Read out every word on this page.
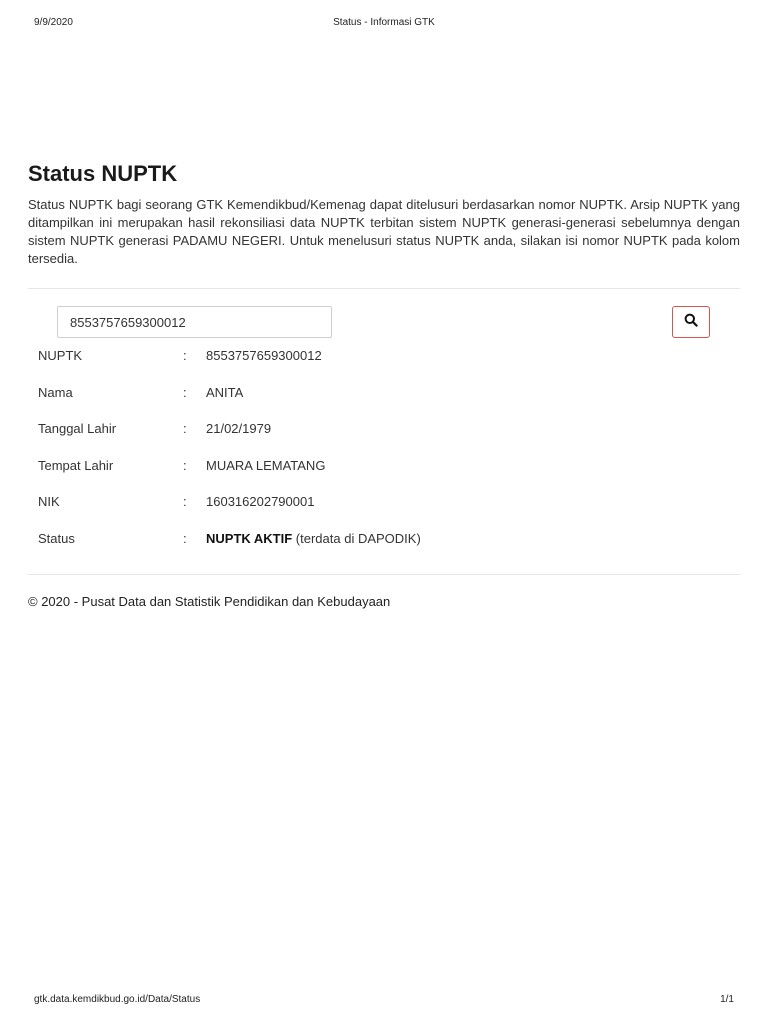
9/9/2020	Status - Informasi GTK
Status NUPTK

Status NUPTK bagi seorang GTK Kemendikbud/Kemenag dapat ditelusuri berdasarkan nomor NUPTK. Arsip NUPTK yang ditampilkan ini merupakan hasil rekonsiliasi data NUPTK terbitan sistem NUPTK generasi-generasi sebelumnya dengan sistem NUPTK generasi PADAMU NEGERI. Untuk menelusuri status NUPTK anda, silakan isi nomor NUPTK pada kolom tersedia.

8553757659300012
NUPTK	: 8553757659300012
Nama	: ANITA
Tanggal Lahir	: 21/02/1979
Tempat Lahir	: MUARA LEMATANG
NIK	: 160316202790001
Status	: NUPTK AKTIF (terdata di DAPODIK)
© 2020 - Pusat Data dan Statistik Pendidikan dan Kebudayaan
gtk.data.kemdikbud.go.id/Data/Status	1/1
